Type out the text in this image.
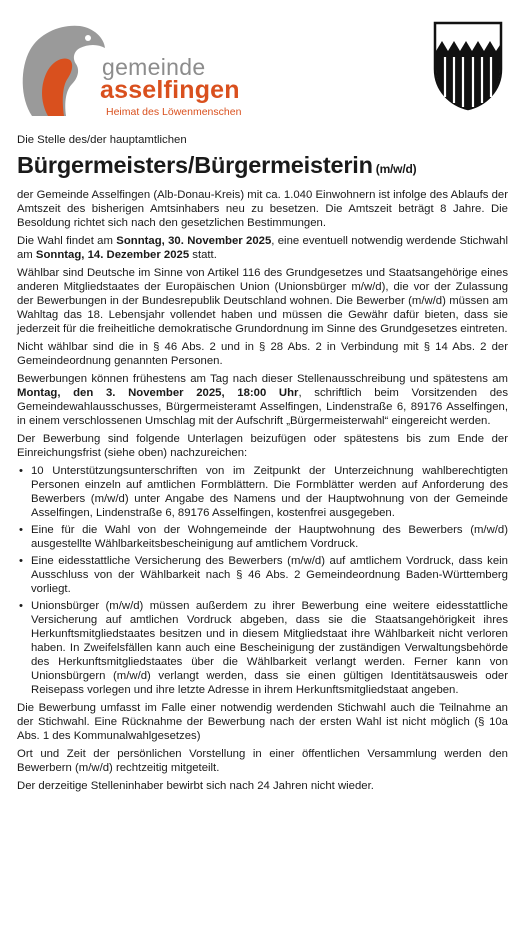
gemeinde
asselfingen
Heimat des Löwenmenschen
Die Stelle des/der hauptamtlichen
Bürgermeisters/Bürgermeisterin (m/w/d)

der Gemeinde Asselfingen (Alb-Donau-Kreis) mit ca. 1.040 Einwohnern ist infolge des Ablaufs der Amtszeit des bisherigen Amtsinhabers neu zu besetzen. Die Amtszeit beträgt 8 Jahre. Die Besoldung richtet sich nach den gesetzlichen Bestimmungen.

Die Wahl findet am Sonntag, 30. November 2025, eine eventuell notwendig werdende Stichwahl am Sonntag, 14. Dezember 2025 statt.

Wählbar sind Deutsche im Sinne von Artikel 116 des Grundgesetzes und Staatsangehörige eines anderen Mitgliedstaates der Europäischen Union (Unionsbürger m/w/d), die vor der Zulassung der Bewerbungen in der Bundesrepublik Deutschland wohnen. Die Bewerber (m/w/d) müssen am Wahltag das 18. Lebensjahr vollendet haben und müssen die Gewähr dafür bieten, dass sie jederzeit für die freiheitliche demokratische Grundordnung im Sinne des Grundgesetzes eintreten.

Nicht wählbar sind die in § 46 Abs. 2 und in § 28 Abs. 2 in Verbindung mit § 14 Abs. 2 der Gemeindeordnung genannten Personen.

Bewerbungen können frühestens am Tag nach dieser Stellenausschreibung und spätestens am Montag, den 3. November 2025, 18:00 Uhr, schriftlich beim Vorsitzenden des Gemeindewahlausschusses, Bürgermeisteramt Asselfingen, Lindenstraße 6, 89176 Asselfingen, in einem verschlossenen Umschlag mit der Aufschrift „Bürgermeisterwahl“ eingereicht werden.

Der Bewerbung sind folgende Unterlagen beizufügen oder spätestens bis zum Ende der Einreichungsfrist (siehe oben) nachzureichen:

• 10 Unterstützungsunterschriften von im Zeitpunkt der Unterzeichnung wahlberechtigten Personen einzeln auf amtlichen Formblättern. Die Formblätter werden auf Anforderung des Bewerbers (m/w/d) unter Angabe des Namens und der Hauptwohnung von der Gemeinde Asselfingen, Lindenstraße 6, 89176 Asselfingen, kostenfrei ausgegeben.
• Eine für die Wahl von der Wohngemeinde der Hauptwohnung des Bewerbers (m/w/d) ausgestellte Wählbarkeitsbescheinigung auf amtlichem Vordruck.
• Eine eidesstattliche Versicherung des Bewerbers (m/w/d) auf amtlichem Vordruck, dass kein Ausschluss von der Wählbarkeit nach § 46 Abs. 2 Gemeindeordnung Baden-Württemberg vorliegt.
• Unionsbürger (m/w/d) müssen außerdem zu ihrer Bewerbung eine weitere eidesstattliche Versicherung auf amtlichen Vordruck abgeben, dass sie die Staatsangehörigkeit ihres Herkunftsmitgliedstaates besitzen und in diesem Mitgliedstaat ihre Wählbarkeit nicht verloren haben. In Zweifelsfällen kann auch eine Bescheinigung der zuständigen Verwaltungsbehörde des Herkunftsmitgliedstaates über die Wählbarkeit verlangt werden. Ferner kann von Unionsbürgern (m/w/d) verlangt werden, dass sie einen gültigen Identitätsausweis oder Reisepass vorlegen und ihre letzte Adresse in ihrem Herkunftsmitgliedstaat angeben.

Die Bewerbung umfasst im Falle einer notwendig werdenden Stichwahl auch die Teilnahme an der Stichwahl. Eine Rücknahme der Bewerbung nach der ersten Wahl ist nicht möglich (§ 10a Abs. 1 des Kommunalwahlgesetzes)

Ort und Zeit der persönlichen Vorstellung in einer öffentlichen Versammlung werden den Bewerbern (m/w/d) rechtzeitig mitgeteilt.

Der derzeitige Stelleninhaber bewirbt sich nach 24 Jahren nicht wieder.
